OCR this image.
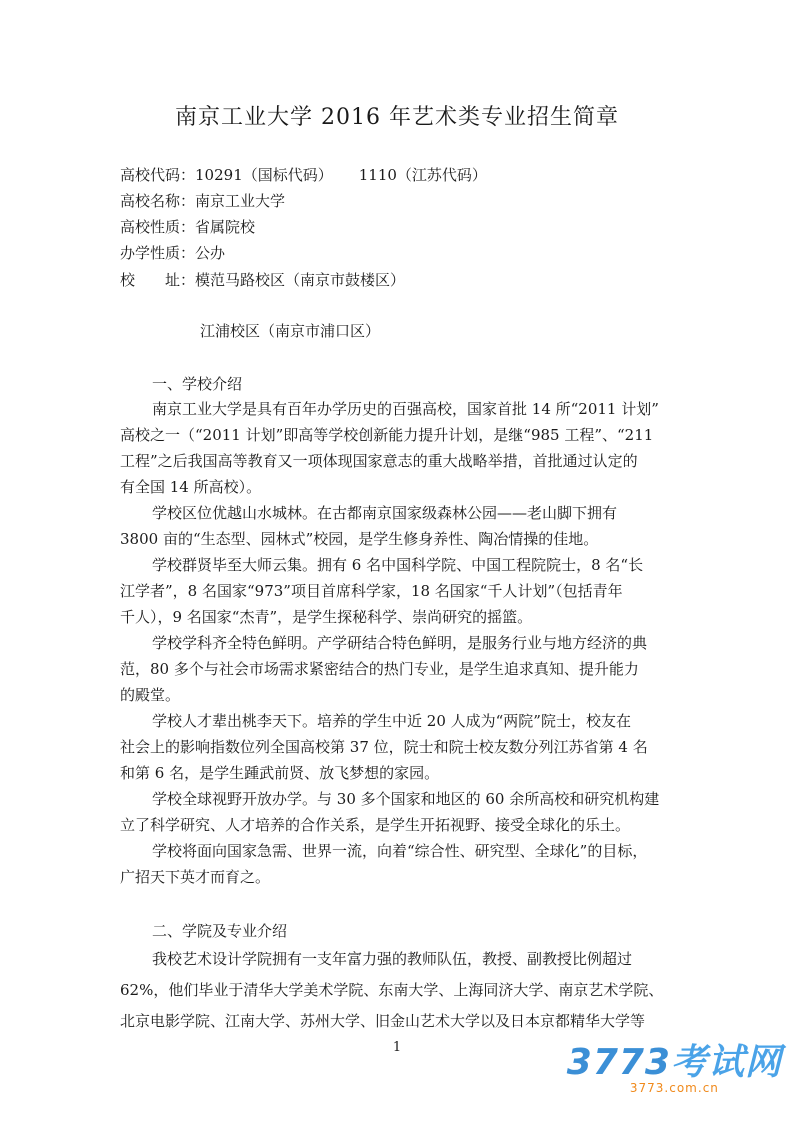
南京工业大学 2016 年艺术类专业招生简章
高校代码：10291（国标代码） 1110（江苏代码）
高校名称：南京工业大学
高校性质：省属院校
办学性质：公办
校　　址：模范马路校区（南京市鼓楼区）
江浦校区（南京市浦口区）
一、学校介绍
南京工业大学是具有百年办学历史的百强高校，国家首批 14 所“2011 计划”
高校之一（“2011 计划”即高等学校创新能力提升计划，是继“985 工程”、“211
工程”之后我国高等教育又一项体现国家意志的重大战略举措，首批通过认定的
有全国 14 所高校）。
学校区位优越山水城林。在古都南京国家级森林公园——老山脚下拥有
3800 亩的“生态型、园林式”校园，是学生修身养性、陶冶情操的佳地。
学校群贤毕至大师云集。拥有 6 名中国科学院、中国工程院院士，8 名“长
江学者”，8 名国家“973”项目首席科学家，18 名国家“千人计划”（包括青年
千人），9 名国家“杰青”，是学生探秘科学、崇尚研究的摇篮。
学校学科齐全特色鲜明。产学研结合特色鲜明，是服务行业与地方经济的典
范，80 多个与社会市场需求紧密结合的热门专业，是学生追求真知、提升能力
的殿堂。
学校人才辈出桃李天下。培养的学生中近 20 人成为“两院”院士，校友在
社会上的影响指数位列全国高校第 37 位，院士和院士校友数分列江苏省第 4 名
和第 6 名，是学生踵武前贤、放飞梦想的家园。
学校全球视野开放办学。与 30 多个国家和地区的 60 余所高校和研究机构建
立了科学研究、人才培养的合作关系，是学生开拓视野、接受全球化的乐土。
学校将面向国家急需、世界一流，向着“综合性、研究型、全球化”的目标，
广招天下英才而育之。
二、学院及专业介绍
我校艺术设计学院拥有一支年富力强的教师队伍，教授、副教授比例超过
62%，他们毕业于清华大学美术学院、东南大学、上海同济大学、南京艺术学院、
北京电影学院、江南大学、苏州大学、旧金山艺术大学以及日本京都精华大学等
1	3773考试网
3773.com.cn
